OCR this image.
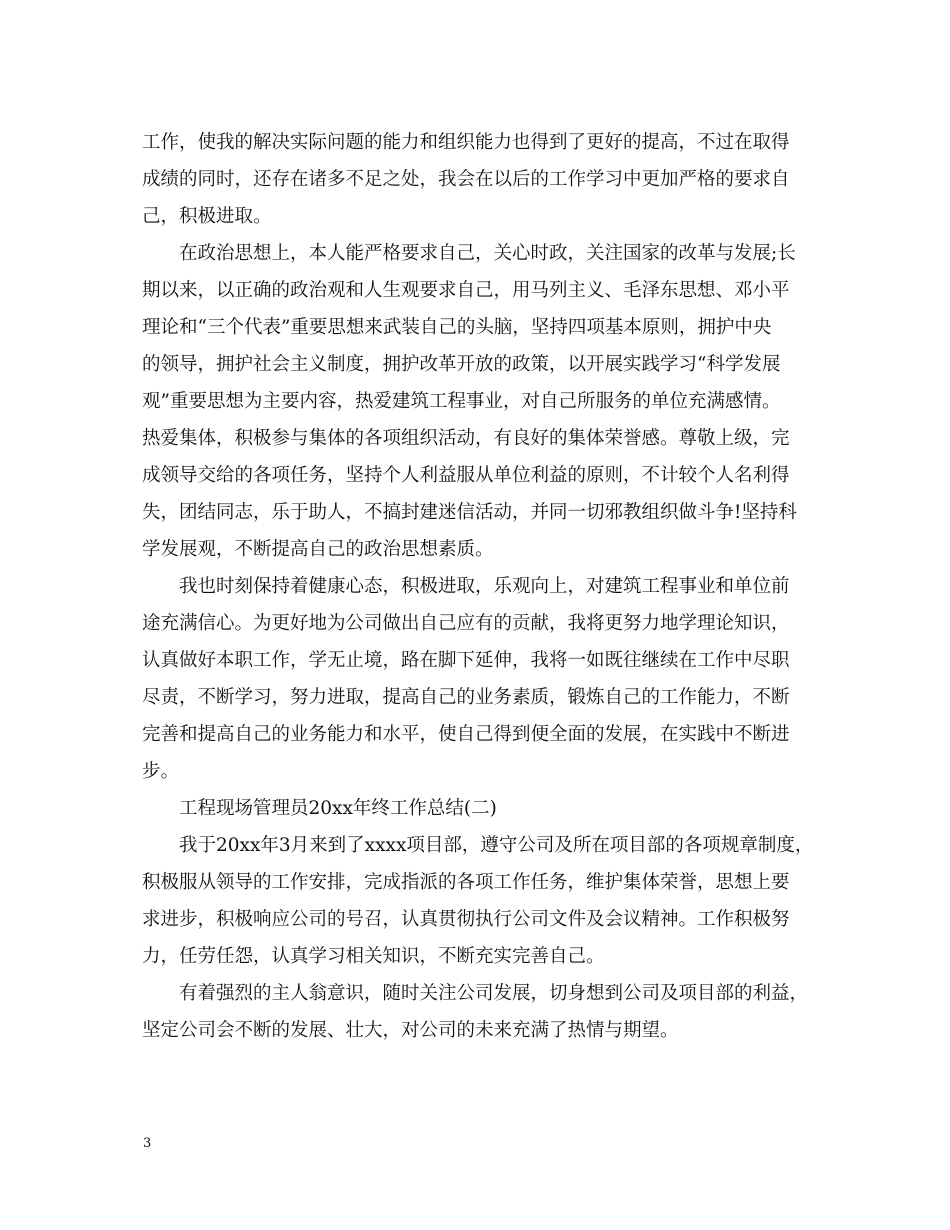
工作，使我的解决实际问题的能力和组织能力也得到了更好的提高，不过在取得
成绩的同时，还存在诸多不足之处，我会在以后的工作学习中更加严格的要求自
己，积极进取。
在政治思想上，本人能严格要求自己，关心时政，关注国家的改革与发展;长
期以来，以正确的政治观和人生观要求自己，用马列主义、毛泽东思想、邓小平
理论和“三个代表”重要思想来武装自己的头脑，坚持四项基本原则，拥护中央
的领导，拥护社会主义制度，拥护改革开放的政策，以开展实践学习“科学发展
观”重要思想为主要内容，热爱建筑工程事业，对自己所服务的单位充满感情。
热爱集体，积极参与集体的各项组织活动，有良好的集体荣誉感。尊敬上级，完
成领导交给的各项任务，坚持个人利益服从单位利益的原则，不计较个人名利得
失，团结同志，乐于助人，不搞封建迷信活动，并同一切邪教组织做斗争!坚持科
学发展观，不断提高自己的政治思想素质。
我也时刻保持着健康心态，积极进取，乐观向上，对建筑工程事业和单位前
途充满信心。为更好地为公司做出自己应有的贡献，我将更努力地学理论知识，
认真做好本职工作，学无止境，路在脚下延伸，我将一如既往继续在工作中尽职
尽责，不断学习，努力进取，提高自己的业务素质，锻炼自己的工作能力，不断
完善和提高自己的业务能力和水平，使自己得到便全面的发展，在实践中不断进
步。
工程现场管理员20xx年终工作总结(二)
我于20xx年3月来到了xxxx项目部，遵守公司及所在项目部的各项规章制度，
积极服从领导的工作安排，完成指派的各项工作任务，维护集体荣誉，思想上要
求进步，积极响应公司的号召，认真贯彻执行公司文件及会议精神。工作积极努
力，任劳任怨，认真学习相关知识，不断充实完善自己。
有着强烈的主人翁意识，随时关注公司发展，切身想到公司及项目部的利益，
坚定公司会不断的发展、壮大，对公司的未来充满了热情与期望。
3
